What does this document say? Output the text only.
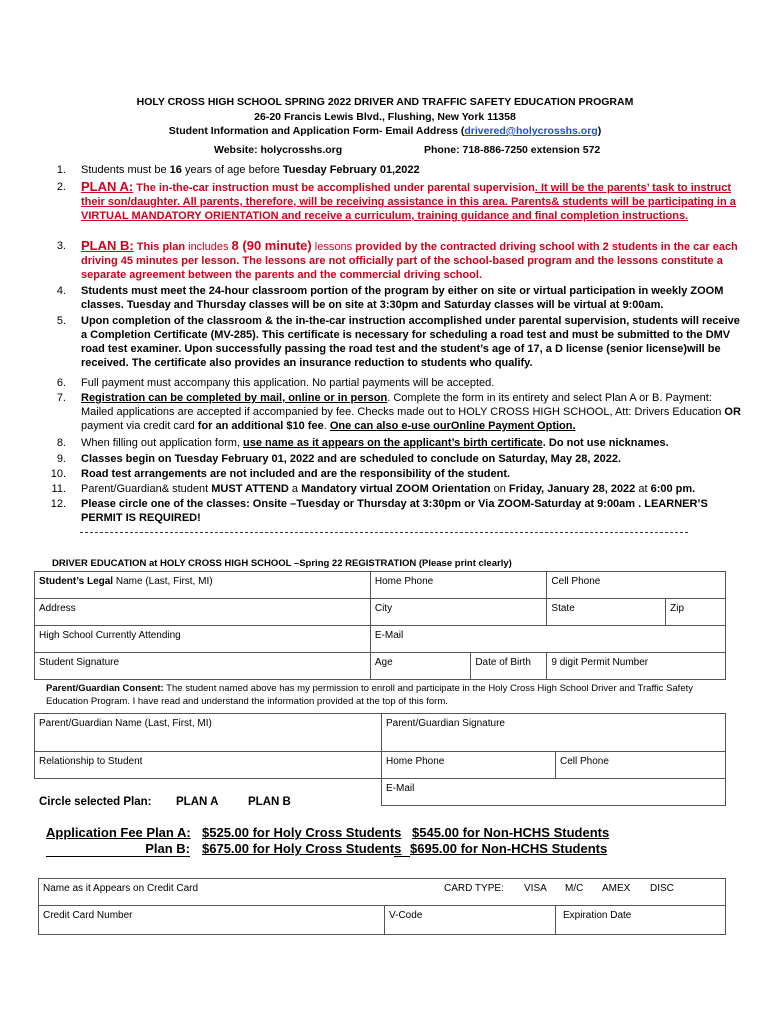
HOLY CROSS HIGH SCHOOL SPRING 2022 DRIVER AND TRAFFIC SAFETY EDUCATION PROGRAM
26-20 Francis Lewis Blvd., Flushing, New York 11358
Student Information and Application Form- Email Address (drivered@holycrosshs.org)
Website: holycrosshs.org	Phone: 718-886-7250 extension 572
1. Students must be 16 years of age before Tuesday February 01,2022
2. PLAN A: The in-the-car instruction must be accomplished under parental supervision. It will be the parents’ task to instruct their son/daughter. All parents, therefore, will be receiving assistance in this area. Parents& students will be participating in a VIRTUAL MANDATORY ORIENTATION and receive a curriculum, training guidance and final completion instructions.
3. PLAN B: This plan includes 8 (90 minute) lessons provided by the contracted driving school with 2 students in the car each driving 45 minutes per lesson. The lessons are not officially part of the school-based program and the lessons constitute a separate agreement between the parents and the commercial driving school.
4. Students must meet the 24-hour classroom portion of the program by either on site or virtual participation in weekly ZOOM classes. Tuesday and Thursday classes will be on site at 3:30pm and Saturday classes will be virtual at 9:00am.
5. Upon completion of the classroom & the in-the-car instruction accomplished under parental supervision, students will receive a Completion Certificate (MV-285). This certificate is necessary for scheduling a road test and must be submitted to the DMV road test examiner. Upon successfully passing the road test and the student’s age of 17, a D license (senior license)will be received. The certificate also provides an insurance reduction to students who qualify.
6. Full payment must accompany this application. No partial payments will be accepted.
7. Registration can be completed by mail, online or in person. Complete the form in its entirety and select Plan A or B. Payment: Mailed applications are accepted if accompanied by fee. Checks made out to HOLY CROSS HIGH SCHOOL, Att: Drivers Education OR payment via credit card for an additional $10 fee. One can also e-use ourOnline Payment Option.
8. When filling out application form, use name as it appears on the applicant’s birth certificate. Do not use nicknames.
9. Classes begin on Tuesday February 01, 2022 and are scheduled to conclude on Saturday, May 28, 2022.
10. Road test arrangements are not included and are the responsibility of the student.
11. Parent/Guardian& student MUST ATTEND a Mandatory virtual ZOOM Orientation on Friday, January 28, 2022 at 6:00 pm.
12. Please circle one of the classes: Onsite –Tuesday or Thursday at 3:30pm or Via ZOOM-Saturday at 9:00am . LEARNER’S PERMIT IS REQUIRED!
DRIVER EDUCATION at HOLY CROSS HIGH SCHOOL –Spring 22 REGISTRATION (Please print clearly)
Student’s Legal Name (Last, First, MI)	Home Phone		Cell Phone	
Address	City		State	Zip
High School Currently Attending	E-Mail			
Student Signature	Age	Date of Birth	9 digit Permit Number	
Parent/Guardian Consent: The student named above has my permission to enroll and participate in the Holy Cross High School Driver and Traffic Safety Education Program. I have read and understand the information provided at the top of this form.
Parent/Guardian Name (Last, First, MI)	Parent/Guardian Signature	
Relationship to Student	Home Phone	Cell Phone
	E-Mail	
Circle selected Plan: PLAN A	PLAN B
Application Fee Plan A: $525.00 for Holy Cross Students $545.00 for Non-HCHS Students
Plan B: $675.00 for Holy Cross Students $695.00 for Non-HCHS Students
Name as it Appears on Credit Card	CARD TYPE: VISA M/C AMEX DISC

Credit Card Number	V-Code	Expiration Date
